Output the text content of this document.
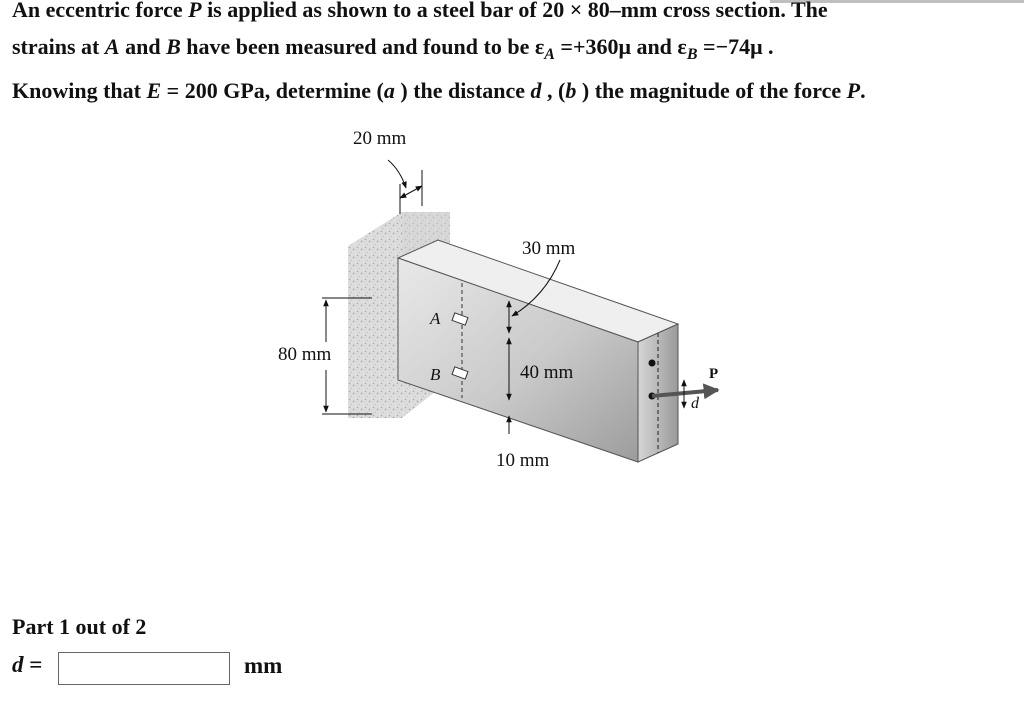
An eccentric force P is applied as shown to a steel bar of 20 × 80–mm cross section. The
strains at A and B have been measured and found to be $\varepsilon_A =+360\mu$ and $\varepsilon_B =-74\mu$ .
Knowing that E = 200 GPa, determine (a ) the distance d , (b ) the magnitude of the force P.
A
B
20 mm
80 mm
30 mm
40 mm
10 mm
P
d
Part 1 out of 2
d =	mm
